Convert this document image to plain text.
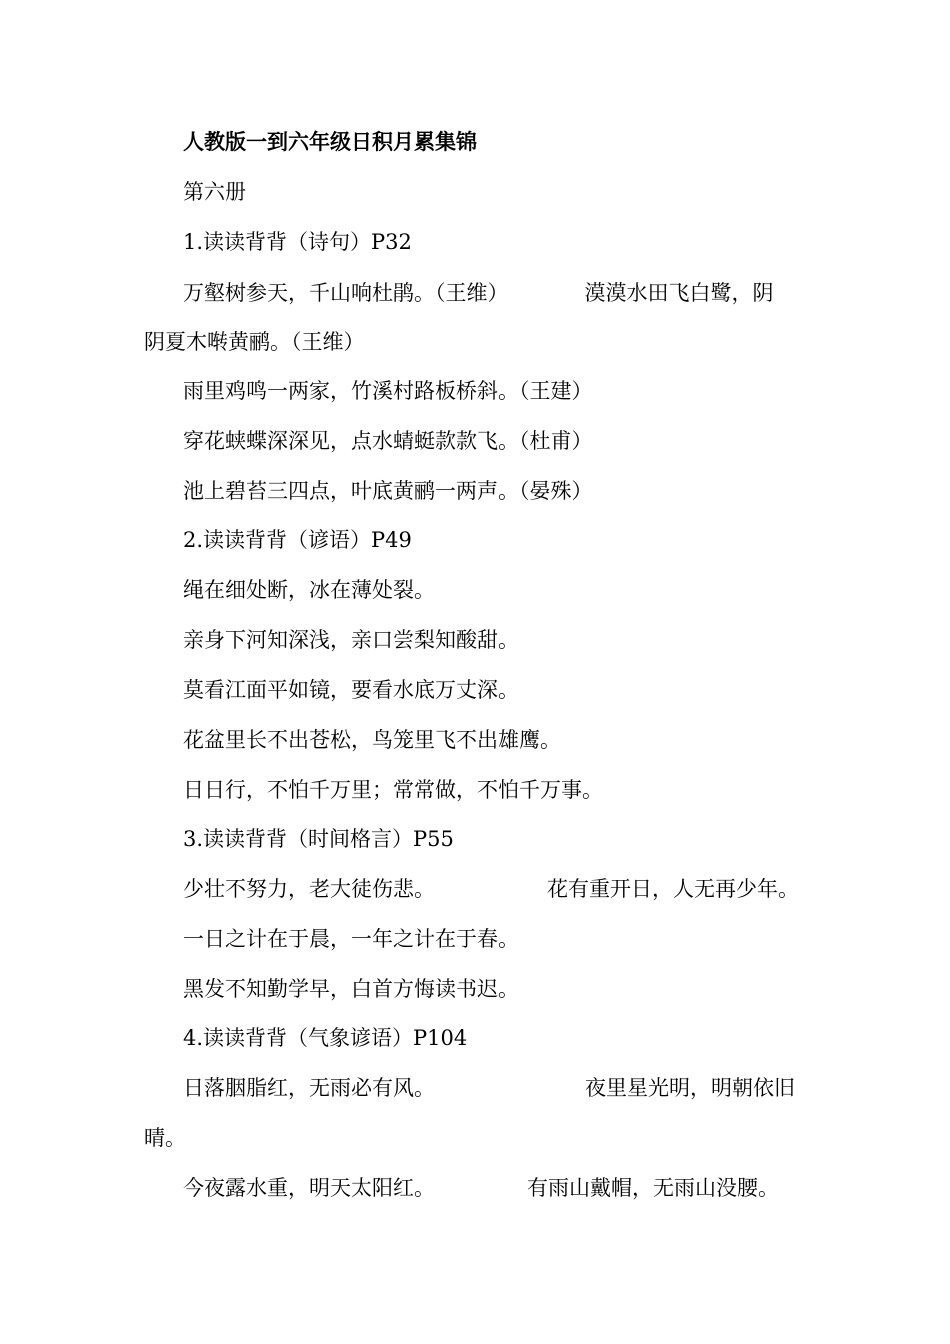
人教版一到六年级日积月累集锦
第六册
1.读读背背（诗句）P32
万壑树参天，千山响杜鹃。（王维）	漠漠水田飞白鹭，阴
阴夏木啭黄鹂。（王维）
雨里鸡鸣一两家，竹溪村路板桥斜。（王建）
穿花蛱蝶深深见，点水蜻蜓款款飞。（杜甫）
池上碧苔三四点，叶底黄鹂一两声。（晏殊）
2.读读背背（谚语）P49
绳在细处断，冰在薄处裂。
亲身下河知深浅，亲口尝梨知酸甜。
莫看江面平如镜，要看水底万丈深。
花盆里长不出苍松，鸟笼里飞不出雄鹰。
日日行，不怕千万里；常常做，不怕千万事。
3.读读背背（时间格言）P55
少壮不努力，老大徒伤悲。	花有重开日，人无再少年。
一日之计在于晨，一年之计在于春。
黑发不知勤学早，白首方悔读书迟。
4.读读背背（气象谚语）P104
日落胭脂红，无雨必有风。	夜里星光明，明朝依旧
晴。
今夜露水重，明天太阳红。	有雨山戴帽，无雨山没腰。
